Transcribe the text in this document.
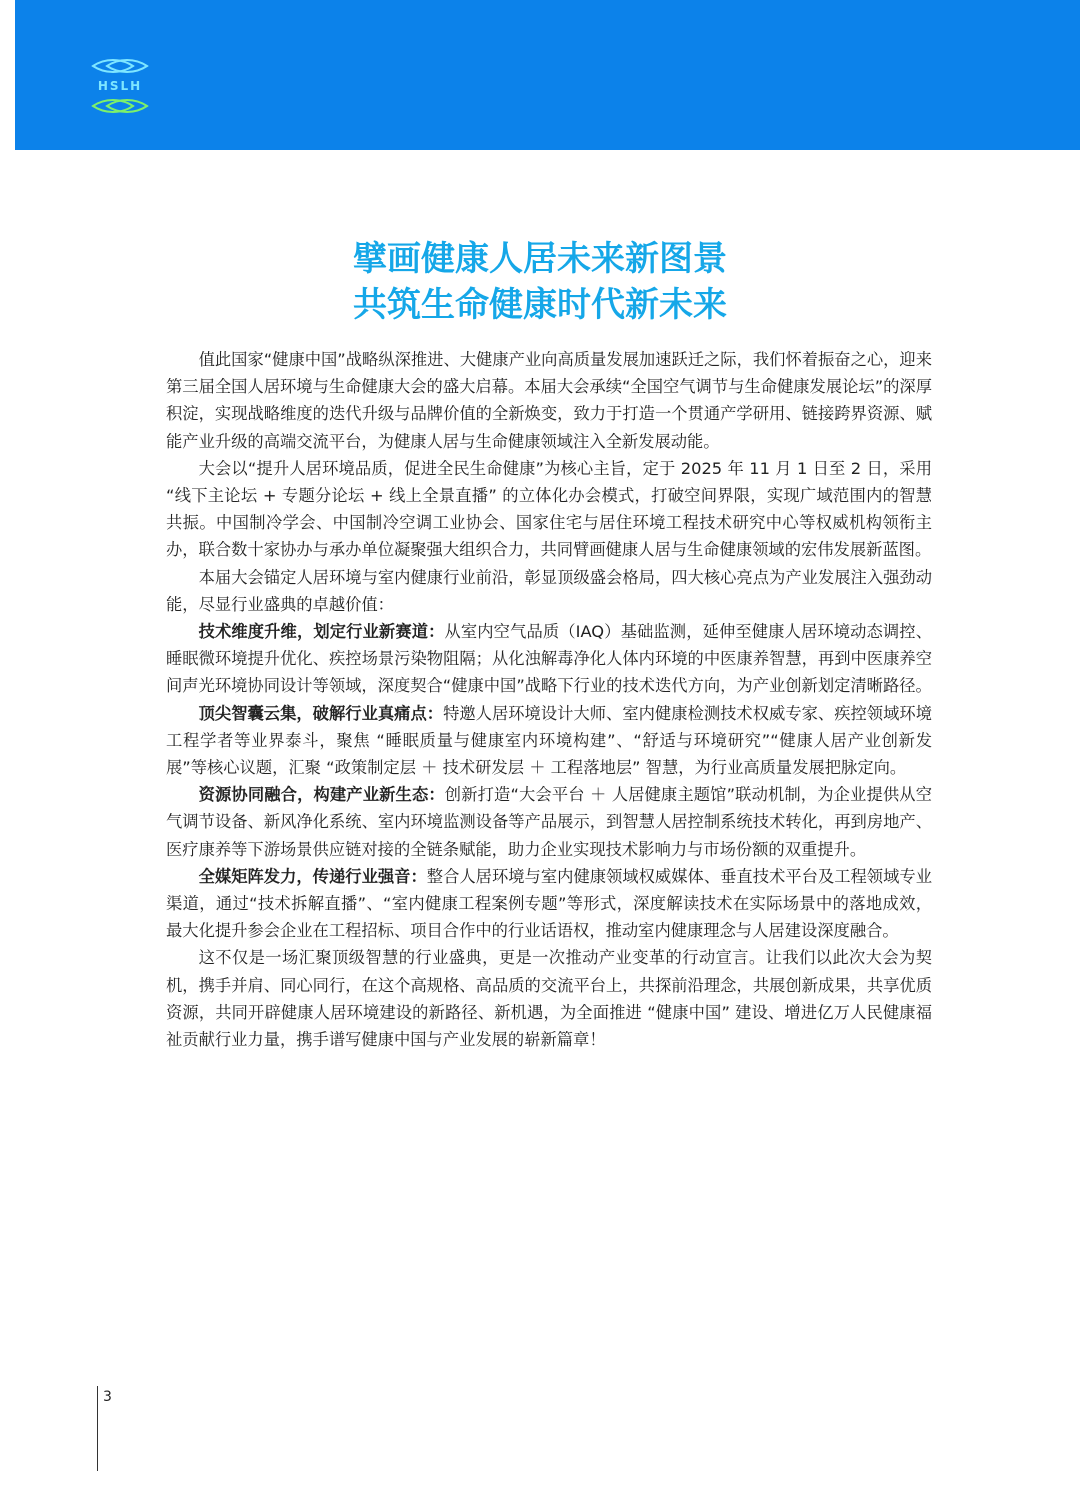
HSLH
擘画健康人居未来新图景
共筑生命健康时代新未来

值此国家“健康中国”战略纵深推进、大健康产业向高质量发展加速跃迁之际，我们怀着振奋之心，迎来第三届全国人居环境与生命健康大会的盛大启幕。本届大会承续“全国空气调节与生命健康发展论坛”的深厚积淀，实现战略维度的迭代升级与品牌价值的全新焕变，致力于打造一个贯通产学研用、链接跨界资源、赋能产业升级的高端交流平台，为健康人居与生命健康领域注入全新发展动能。

大会以“提升人居环境品质，促进全民生命健康”为核心主旨，定于 2025 年 11 月 1 日至 2 日，采用 “线下主论坛 + 专题分论坛 + 线上全景直播” 的立体化办会模式，打破空间界限，实现广域范围内的智慧共振。中国制冷学会、中国制冷空调工业协会、国家住宅与居住环境工程技术研究中心等权威机构领衔主办，联合数十家协办与承办单位凝聚强大组织合力，共同臂画健康人居与生命健康领域的宏伟发展新蓝图。

本届大会锚定人居环境与室内健康行业前沿，彰显顶级盛会格局，四大核心亮点为产业发展注入强劲动能，尽显行业盛典的卓越价值：

技术维度升维，划定行业新赛道：从室内空气品质（IAQ）基础监测，延伸至健康人居环境动态调控、睡眠微环境提升优化、疾控场景污染物阻隔；从化浊解毒净化人体内环境的中医康养智慧，再到中医康养空间声光环境协同设计等领域，深度契合“健康中国”战略下行业的技术迭代方向，为产业创新划定清晰路径。

顶尖智囊云集，破解行业真痛点：特邀人居环境设计大师、室内健康检测技术权威专家、疾控领域环境工程学者等业界泰斗，聚焦 “睡眠质量与健康室内环境构建”、“舒适与环境研究”“健康人居产业创新发展”等核心议题，汇聚 “政策制定层 ＋ 技术研发层 ＋ 工程落地层” 智慧，为行业高质量发展把脉定向。

资源协同融合，构建产业新生态：创新打造“大会平台 ＋ 人居健康主题馆”联动机制，为企业提供从空气调节设备、新风净化系统、室内环境监测设备等产品展示，到智慧人居控制系统技术转化，再到房地产、医疗康养等下游场景供应链对接的全链条赋能，助力企业实现技术影响力与市场份额的双重提升。

全媒矩阵发力，传递行业强音：整合人居环境与室内健康领域权威媒体、垂直技术平台及工程领域专业渠道，通过“技术拆解直播”、“室内健康工程案例专题”等形式，深度解读技术在实际场景中的落地成效，最大化提升参会企业在工程招标、项目合作中的行业话语权，推动室内健康理念与人居建设深度融合。

这不仅是一场汇聚顶级智慧的行业盛典，更是一次推动产业变革的行动宣言。让我们以此次大会为契机，携手并肩、同心同行，在这个高规格、高品质的交流平台上，共探前沿理念，共展创新成果，共享优质资源，共同开辟健康人居环境建设的新路径、新机遇，为全面推进 “健康中国” 建设、增进亿万人民健康福祉贡献行业力量，携手谱写健康中国与产业发展的崭新篇章！

3
